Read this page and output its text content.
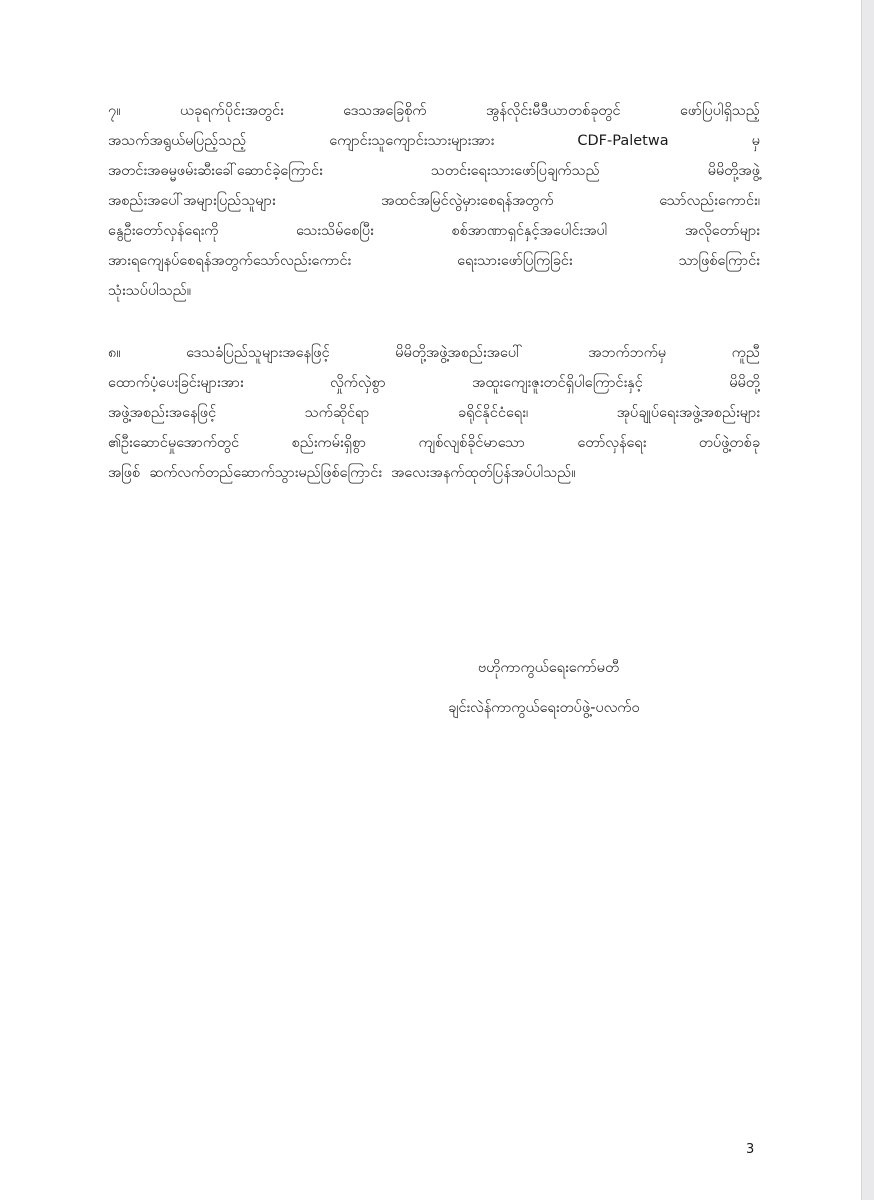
၇။	ယခုရက်ပိုင်းအတွင်း	ဒေသအခြေစိုက်	အွန်လိုင်းမီဒီယာတစ်ခုတွင်	ဖော်ပြပါရှိသည့်
အသက်အရွယ်မပြည့်သည့်	ကျောင်းသူကျောင်းသားများအား	CDF-Paletwa	မှ
အတင်းအဓမ္မဖမ်းဆီးခေါ်ဆောင်ခဲ့ကြောင်း	သတင်းရေးသားဖော်ပြချက်သည်	မိမိတို့အဖွဲ့
အစည်းအပေါ်အများပြည်သူများ	အထင်အမြင်လွဲမှားစေရန်အတွက်	သော်လည်းကောင်း၊
နွေဦးတော်လှန်ရေးကို	သေးသိမ်စေပြီး	စစ်အာဏာရှင်နှင့်အပေါင်းအပါ	အလိုတော်များ
အားရကျေနပ်စေရန်အတွက်သော်လည်းကောင်း	ရေးသားဖော်ပြကြခြင်း	သာဖြစ်ကြောင်း
သုံးသပ်ပါသည်။
၈။	ဒေသခံပြည်သူများအနေဖြင့်	မိမိတို့အဖွဲ့အစည်းအပေါ်	အဘက်ဘက်မှ	ကူညီ
ထောက်ပံ့ပေးခြင်းများအား	လှိုက်လှဲစွာ	အထူးကျေးဇူးတင်ရှိပါကြောင်းနှင့်	မိမိတို့
အဖွဲ့အစည်းအနေဖြင့်	သက်ဆိုင်ရာ	ခရိုင်နိုင်ငံရေး၊	အုပ်ချုပ်ရေးအဖွဲ့အစည်းများ
၏ဦးဆောင်မှုအောက်တွင်	စည်းကမ်းရှိစွာ	ကျစ်လျစ်ခိုင်မာသော	တော်လှန်ရေး	တပ်ဖွဲ့တစ်ခု
အဖြစ် ဆက်လက်တည်ဆောက်သွားမည်ဖြစ်ကြောင်း အလေးအနက်ထုတ်ပြန်အပ်ပါသည်။
ဗဟိုကာကွယ်ရေးကော်မတီ
ချင်းလဲန်ကာကွယ်ရေးတပ်ဖွဲ့-ပလက်ဝ
3
